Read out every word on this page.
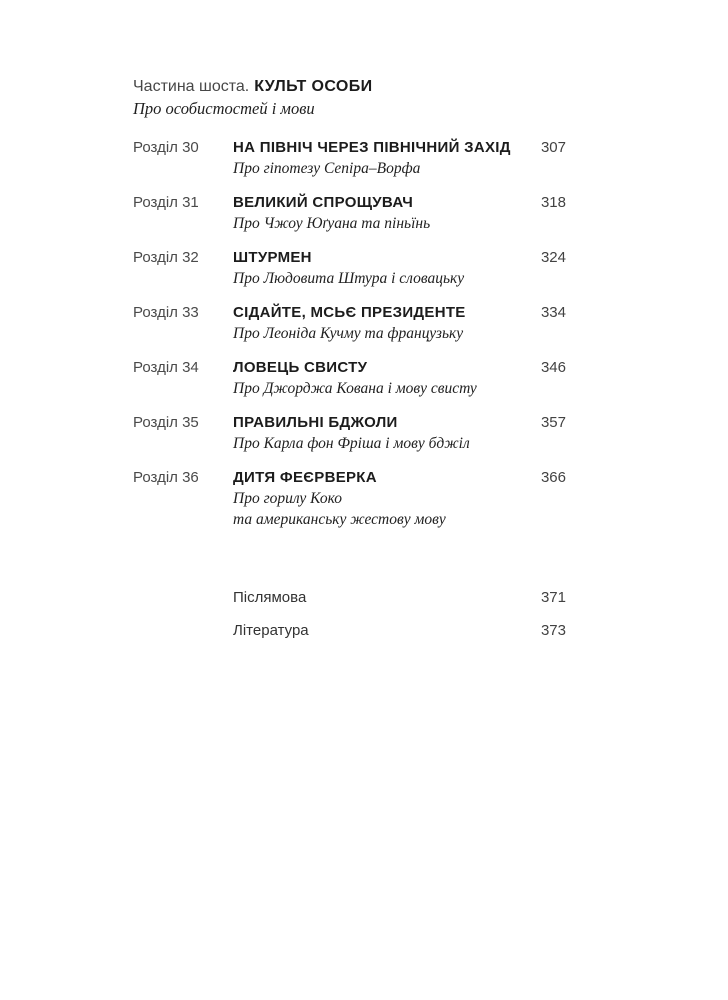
Частина шоста. КУЛЬТ ОСОБИ
Про особистостей і мови
Розділ 30	НА ПІВНІЧ ЧЕРЕЗ ПІВНІЧНИЙ ЗАХІД	307
Про гіпотезу Сепіра–Ворфа
Розділ 31	ВЕЛИКИЙ СПРОЩУВАЧ	318
Про Чжоу Юґуана та піньїнь
Розділ 32	ШТУРМЕН	324
Про Людовита Штура і словацьку
Розділ 33	СІДАЙТЕ, МСЬЄ ПРЕЗИДЕНТЕ	334
Про Леоніда Кучму та французьку
Розділ 34	ЛОВЕЦЬ СВИСТУ	346
Про Джорджа Кована і мову свисту
Розділ 35	ПРАВИЛЬНІ БДЖОЛИ	357
Про Карла фон Фріша і мову бджіл
Розділ 36	ДИТЯ ФЕЄРВЕРКА	366
Про горилу Коко
та американську жестову мову
Післямова	371
Література	373
